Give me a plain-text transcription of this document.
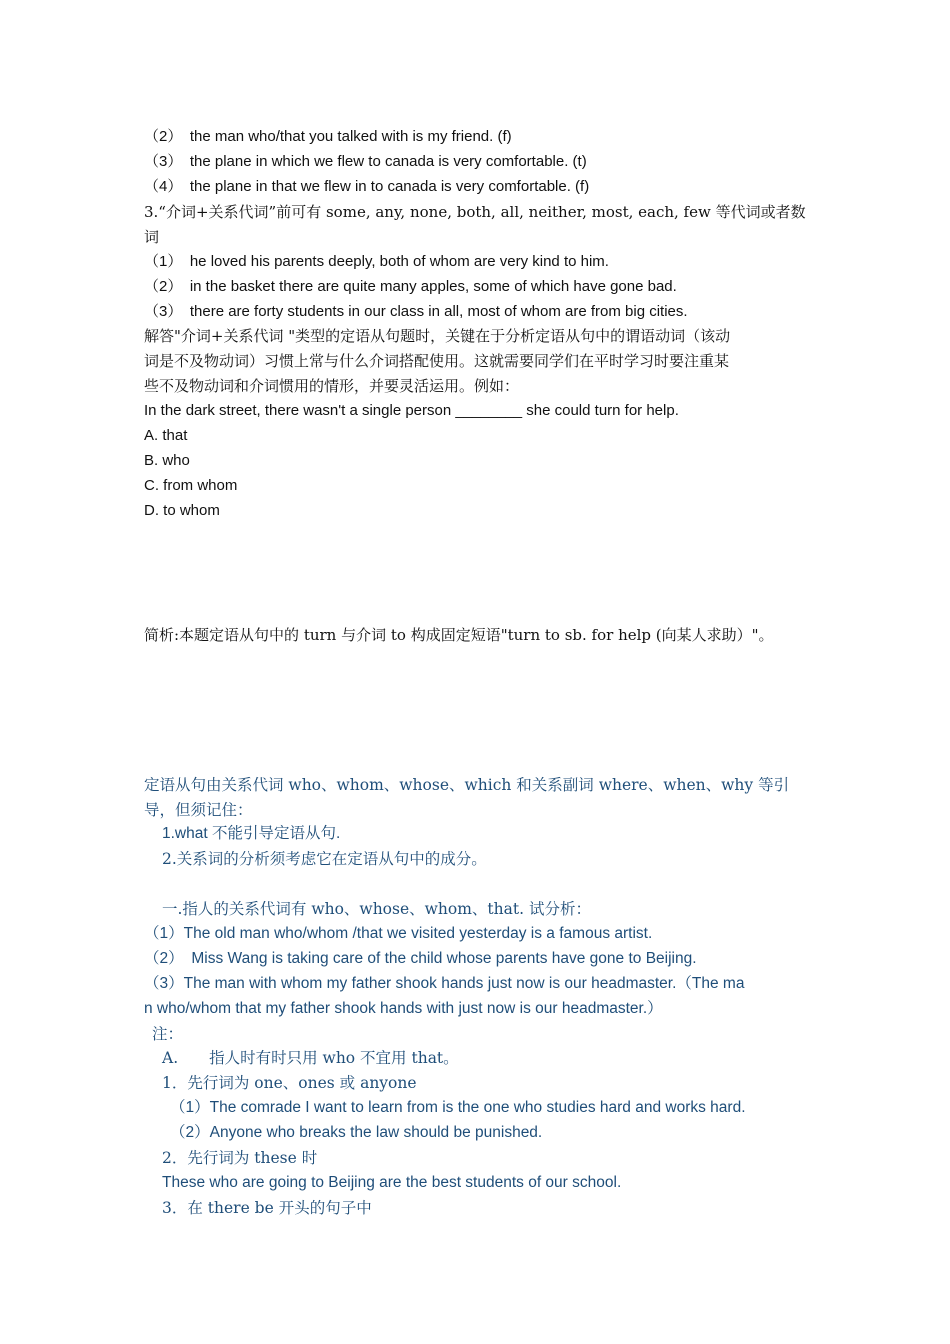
（2）　the man who/that you talked with is my friend. (f)
（3）　the plane in which we flew to canada is very comfortable. (t)
（4）　the plane in that we flew in to canada is very comfortable. (f)
3.“介词+关系代词”前可有 some, any, none, both, all, neither, most, each, few 等代词或者数
词
（1）　he loved his parents deeply, both of whom are very kind to him.
（2）　in the basket there are quite many apples, some of which have gone bad.
（3）　there are forty students in our class in all, most of whom are from big cities.
解答"介词+关系代词 "类型的定语从句题时，关键在于分析定语从句中的谓语动词（该动
词是不及物动词）习惯上常与什么介词搭配使用。这就需要同学们在平时学习时要注重某
些不及物动词和介词惯用的情形，并要灵活运用。例如：
In the dark street, there wasn't a single person ________ she could turn for help.
A. that
B. who
C. from whom
D. to whom
简析:本题定语从句中的 turn 与介词 to 构成固定短语"turn to sb. for help (向某人求助）"。
定语从句由关系代词 who、whom、whose、which 和关系副词 where、when、why 等引
导，但须记住：
1.what 不能引导定语从句.
2.关系词的分析须考虑它在定语从句中的成分。
一.指人的关系代词有 who、whose、whom、that. 试分析：
（1）The old man who/whom /that we visited yesterday is a famous artist.
（2）　Miss Wang is taking care of the child whose parents have gone to Beijing.
（3）The man with whom my father shook hands just now is our headmaster.（The ma
n who/whom that my father shook hands with just now is our headmaster.）
注：
A.　　指人时有时只用 who 不宜用 that。
1．先行词为 one、ones 或 anyone
（1）The comrade I want to learn from is the one who studies hard and works hard.
（2）Anyone who breaks the law should be punished.
2．先行词为 these 时
These who are going to Beijing are the best students of our school.
3．在 there be 开头的句子中
